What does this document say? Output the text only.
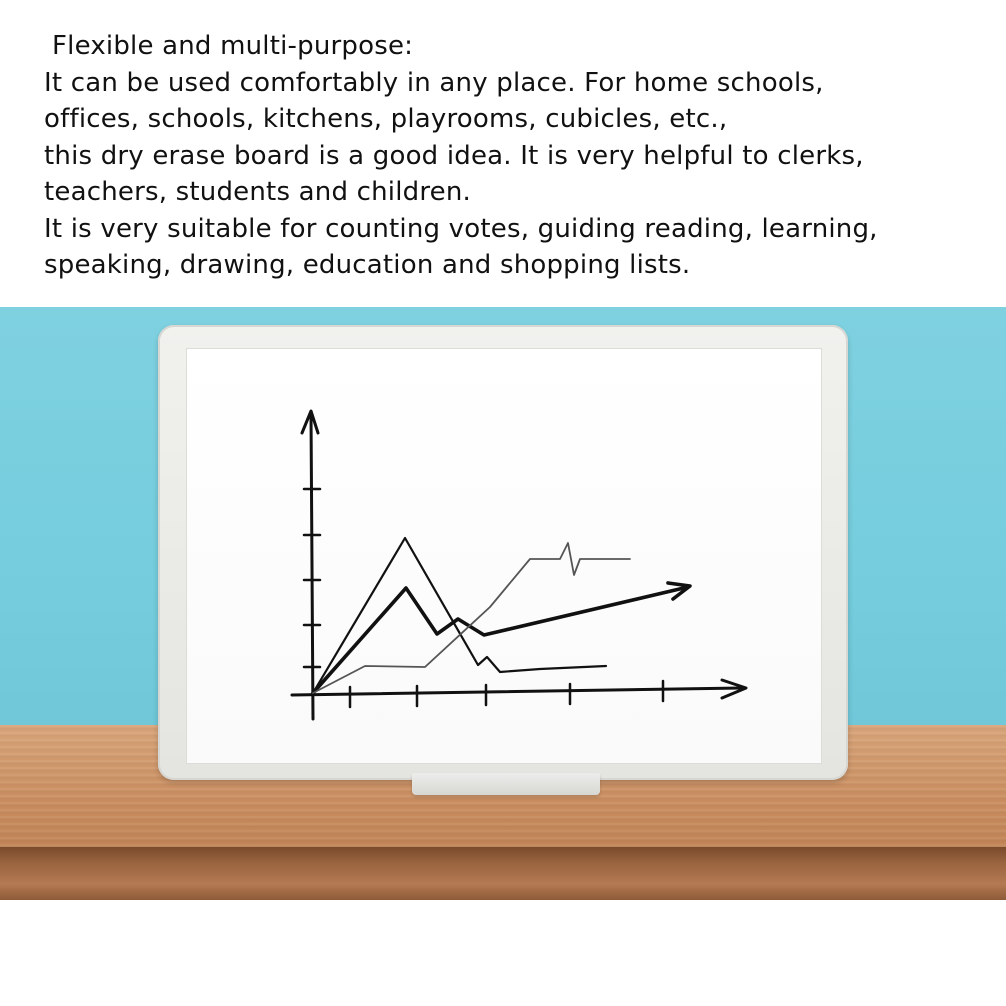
Flexible and multi-purpose:
It can be used comfortably in any place. For home schools,
offices, schools, kitchens, playrooms, cubicles, etc.,
this dry erase board is a good idea. It is very helpful to clerks,
teachers, students and children.
It is very suitable for counting votes, guiding reading, learning,
speaking, drawing, education and shopping lists.
